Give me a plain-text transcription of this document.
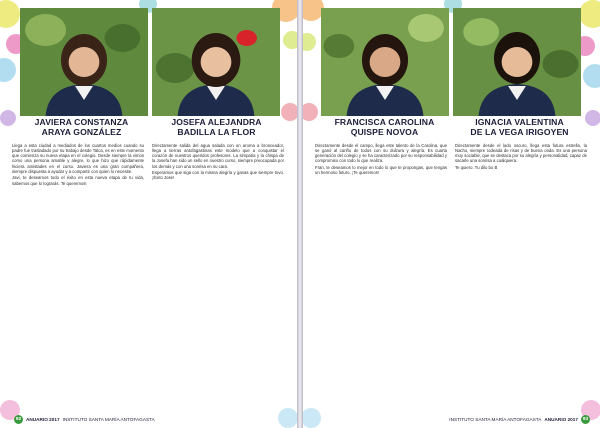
JAVIERA CONSTANZA
ARAYA GONZÁLEZ
JOSEFA ALEJANDRA
BADILLA LA FLOR

Llega a esta ciudad a mediados de los cuartos medios cuando su padre fue trasladado por su trabajo desde Talca, es en este momento que comienza su nueva etapa en el colegio. Desde siempre la vimos como una persona amable y alegre, lo que hizo que rápidamente hiciera amistades en el curso. Javiera es una gran compañera, siempre dispuesta a ayudar y a compartir con quien lo necesite.

Javi, te deseamos todo el éxito en esta nueva etapa de tu vida, sabemos que lo lograrás. Te queremos!

Directamente salida del agua salada con un aroma a bronceador, llega a tierras antofagastinas este modelo que a conquistar el corazón de nuestros queridos profesores. La simpatía y la chispa de la Josefa han sido un sello en nuestro curso, siempre preocupada por los demás y con una sonrisa en su cara.

Esperamos que siga con la misma alegría y ganas que siempre tuvo. ¡Éxito Jose!

92	ANUARIO 2017 INSTITUTO SANTA MARÍA ANTOFAGASTA
FRANCISCA CAROLINA
QUISPE NOVOA
IGNACIA VALENTINA
DE LA VEGA IRIGOYEN

Directamente desde el campo, llega este talento de la Carolina, que se ganó al cariño de todos con su dulzura y alegría. Es cuarta generación del colegio y se ha caracterizado por su responsabilidad y compromiso con todo lo que realiza.

Fran, te deseamos lo mejor en todo lo que te propongas, que tengas un hermoso futuro. ¡Te queremos!

Directamente desde el lado oscuro, llega esta futura estrella, la Nacho, siempre rodeada de risas y de buena onda. Es una persona muy sociable, que se destaca por su alegría y personalidad, capaz de sacarle una sonrisa a cualquiera.

Te quiero. Tu dilo bo B

INSTITUTO SANTA MARÍA ANTOFAGASTA ANUARIO 2017	93
